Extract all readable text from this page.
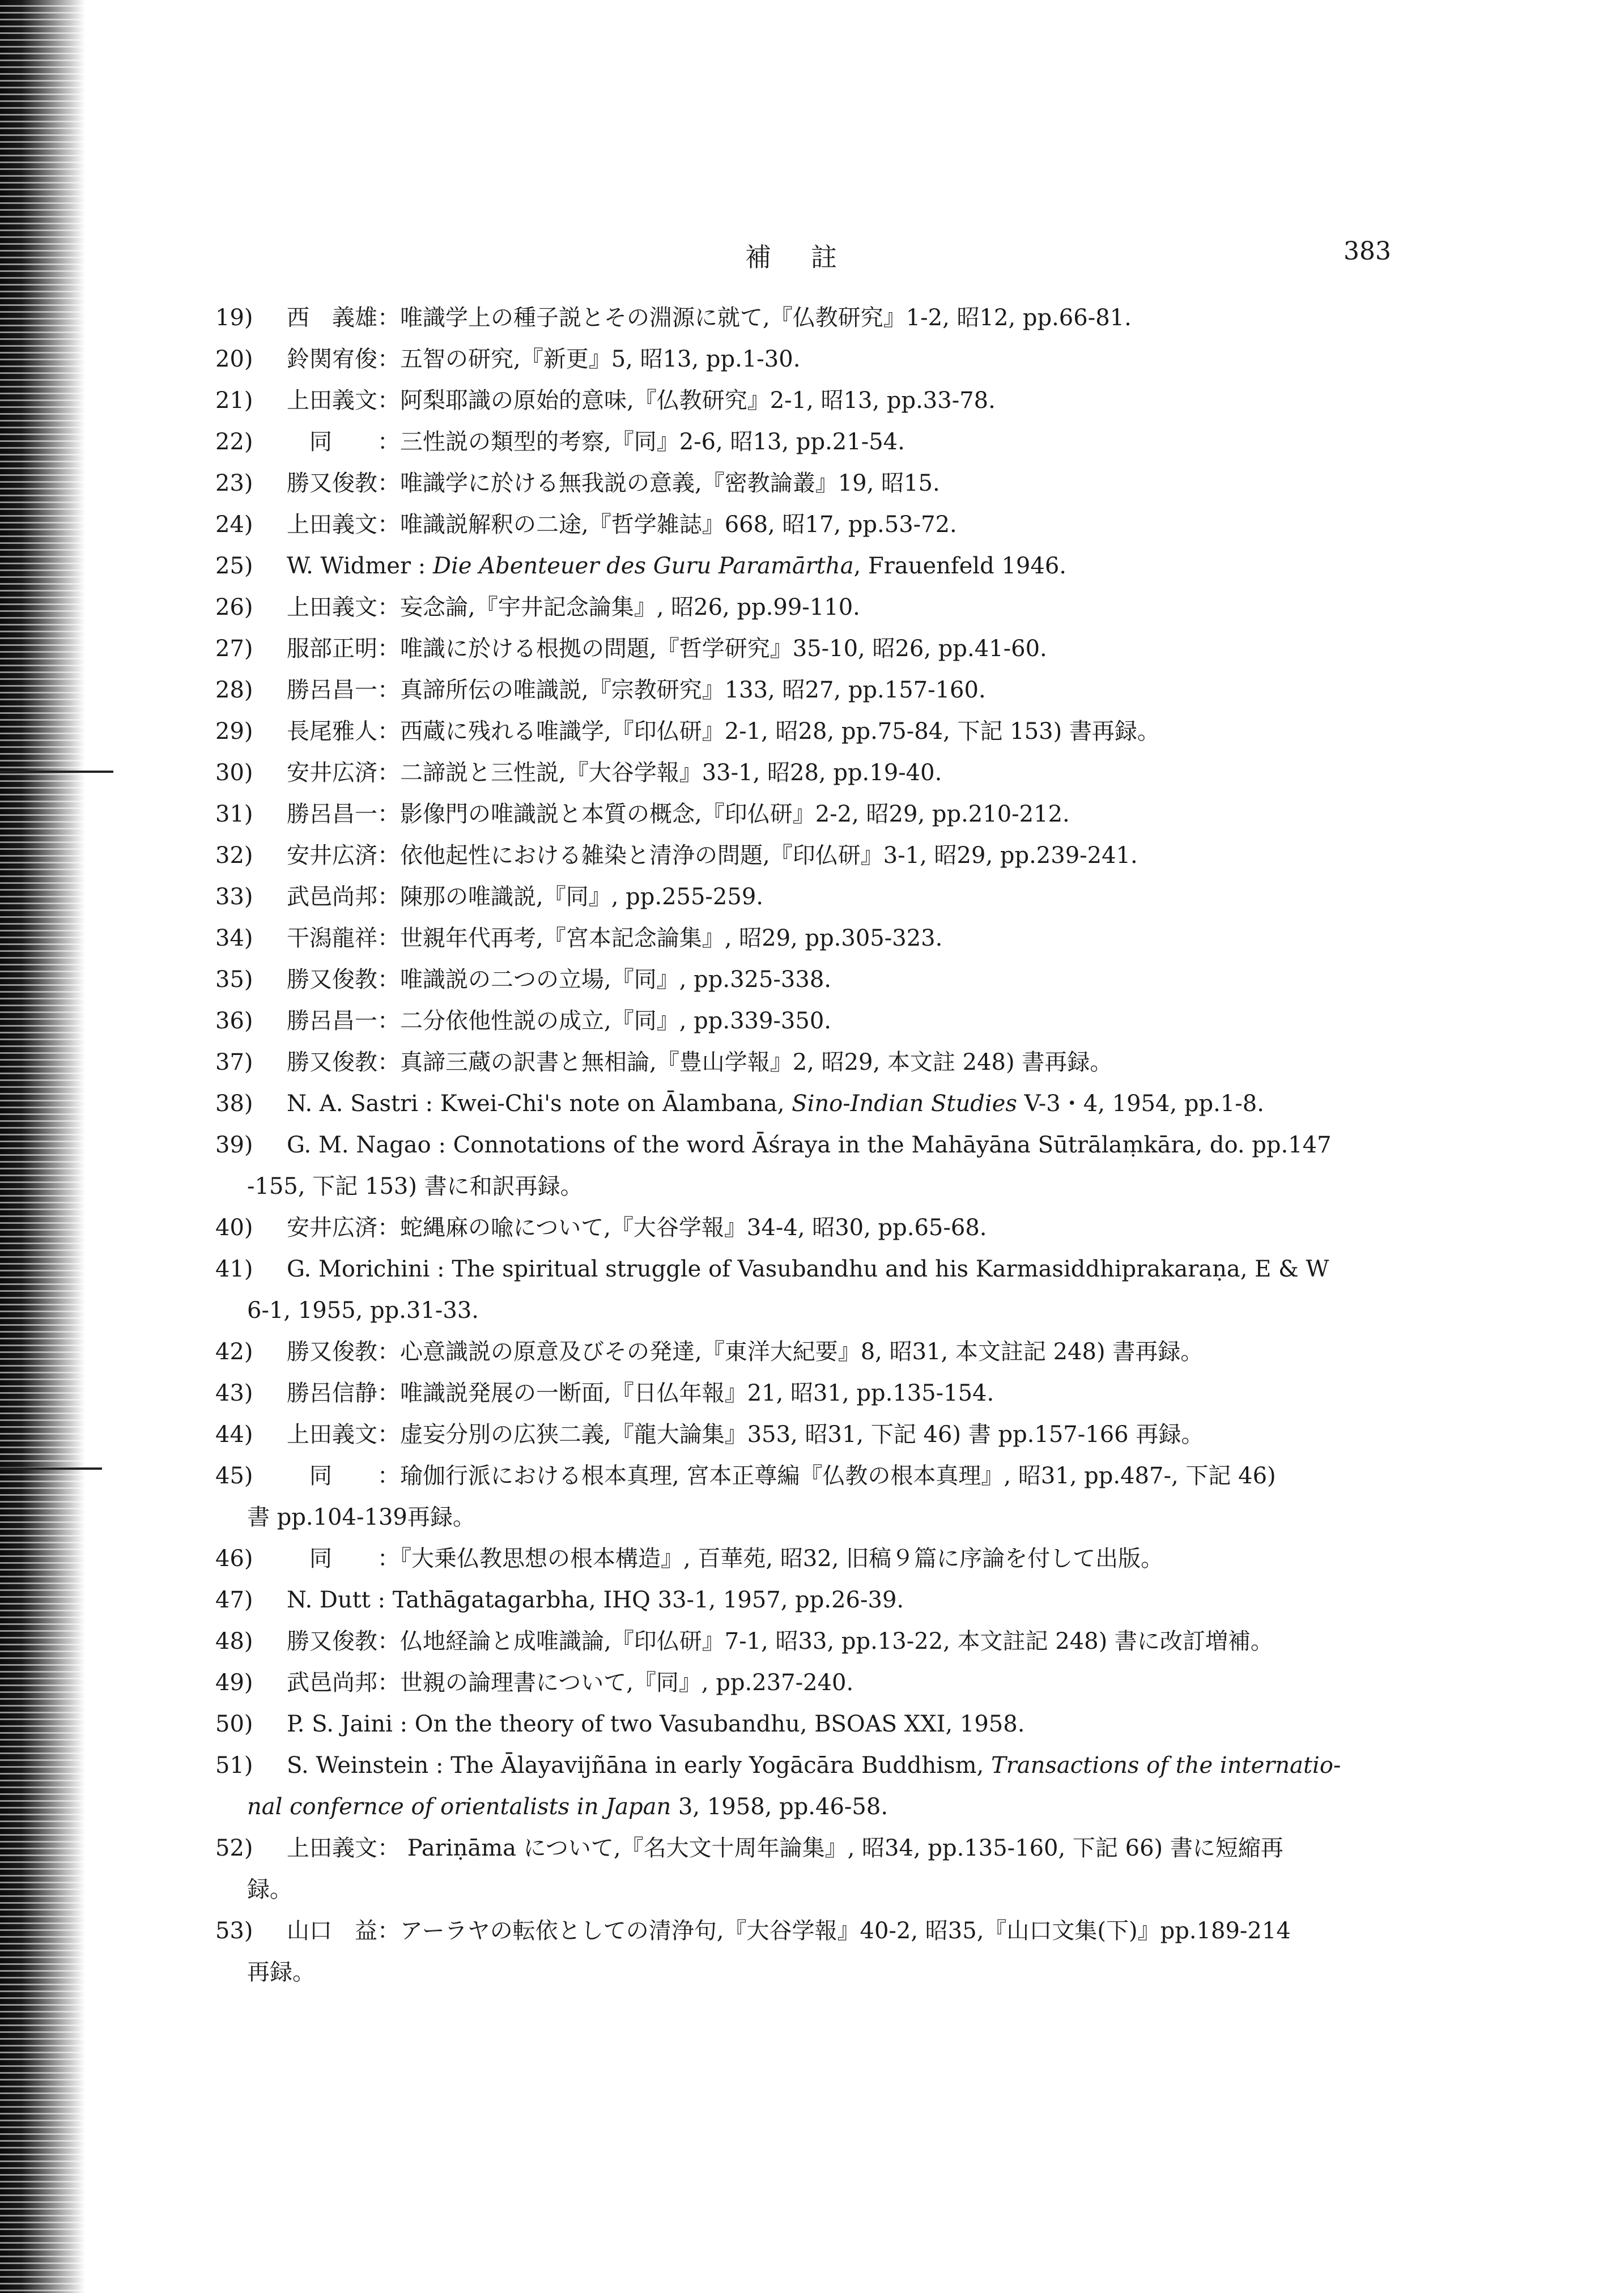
補註	383
19) 西　義雄：唯識学上の種子説とその淵源に就て,『仏教研究』1-2, 昭12, pp.66-81.
20) 鈴関宥俊：五智の研究,『新更』5, 昭13, pp.1-30.
21) 上田義文：阿梨耶識の原始的意味,『仏教研究』2-1, 昭13, pp.33-78.
22)　同　　：三性説の類型的考察,『同』2-6, 昭13, pp.21-54.
23) 勝又俊教：唯識学に於ける無我説の意義,『密教論叢』19, 昭15.
24) 上田義文：唯識説解釈の二途,『哲学雑誌』668, 昭17, pp.53-72.
25) W. Widmer : Die Abenteuer des Guru Paramārtha, Frauenfeld 1946.
26) 上田義文：妄念論,『宇井記念論集』, 昭26, pp.99-110.
27) 服部正明：唯識に於ける根拠の問題,『哲学研究』35-10, 昭26, pp.41-60.
28) 勝呂昌一：真諦所伝の唯識説,『宗教研究』133, 昭27, pp.157-160.
29) 長尾雅人：西蔵に残れる唯識学,『印仏研』2-1, 昭28, pp.75-84, 下記 153) 書再録。
30) 安井広済：二諦説と三性説,『大谷学報』33-1, 昭28, pp.19-40.
31) 勝呂昌一：影像門の唯識説と本質の概念,『印仏研』2-2, 昭29, pp.210-212.
32) 安井広済：依他起性における雑染と清浄の問題,『印仏研』3-1, 昭29, pp.239-241.
33) 武邑尚邦：陳那の唯識説,『同』, pp.255-259.
34) 干潟龍祥：世親年代再考,『宮本記念論集』, 昭29, pp.305-323.
35) 勝又俊教：唯識説の二つの立場,『同』, pp.325-338.
36) 勝呂昌一：二分依他性説の成立,『同』, pp.339-350.
37) 勝又俊教：真諦三蔵の訳書と無相論,『豊山学報』2, 昭29, 本文註 248) 書再録。
38) N. A. Sastri : Kwei-Chi's note on Ālambana, Sino-Indian Studies V-3・4, 1954, pp.1-8.
39) G. M. Nagao : Connotations of the word Āśraya in the Mahāyāna Sūtrālaṃkāra, do. pp.147
-155, 下記 153) 書に和訳再録。
40) 安井広済：蛇縄麻の喩について,『大谷学報』34-4, 昭30, pp.65-68.
41) G. Morichini : The spiritual struggle of Vasubandhu and his Karmasiddhiprakaraṇa, E & W
6-1, 1955, pp.31-33.
42) 勝又俊教：心意識説の原意及びその発達,『東洋大紀要』8, 昭31, 本文註記 248) 書再録。
43) 勝呂信静：唯識説発展の一断面,『日仏年報』21, 昭31, pp.135-154.
44) 上田義文：虚妄分別の広狭二義,『龍大論集』353, 昭31, 下記 46) 書 pp.157-166 再録。
45)　同　　：瑜伽行派における根本真理, 宮本正尊編『仏教の根本真理』, 昭31, pp.487-, 下記 46)
書 pp.104-139再録。
46)　同　　：『大乗仏教思想の根本構造』, 百華苑, 昭32, 旧稿９篇に序論を付して出版。
47) N. Dutt : Tathāgatagarbha, IHQ 33-1, 1957, pp.26-39.
48) 勝又俊教：仏地経論と成唯識論,『印仏研』7-1, 昭33, pp.13-22, 本文註記 248) 書に改訂増補。
49) 武邑尚邦：世親の論理書について,『同』, pp.237-240.
50) P. S. Jaini : On the theory of two Vasubandhu, BSOAS XXI, 1958.
51) S. Weinstein : The Ālayavijñāna in early Yogācāra Buddhism, Transactions of the internatio-
nal confernce of orientalists in Japan 3, 1958, pp.46-58.
52) 上田義文： Pariṇāma について,『名大文十周年論集』, 昭34, pp.135-160, 下記 66) 書に短縮再
録。
53) 山口　益：アーラヤの転依としての清浄句,『大谷学報』40-2, 昭35,『山口文集(下)』pp.189-214
再録。
